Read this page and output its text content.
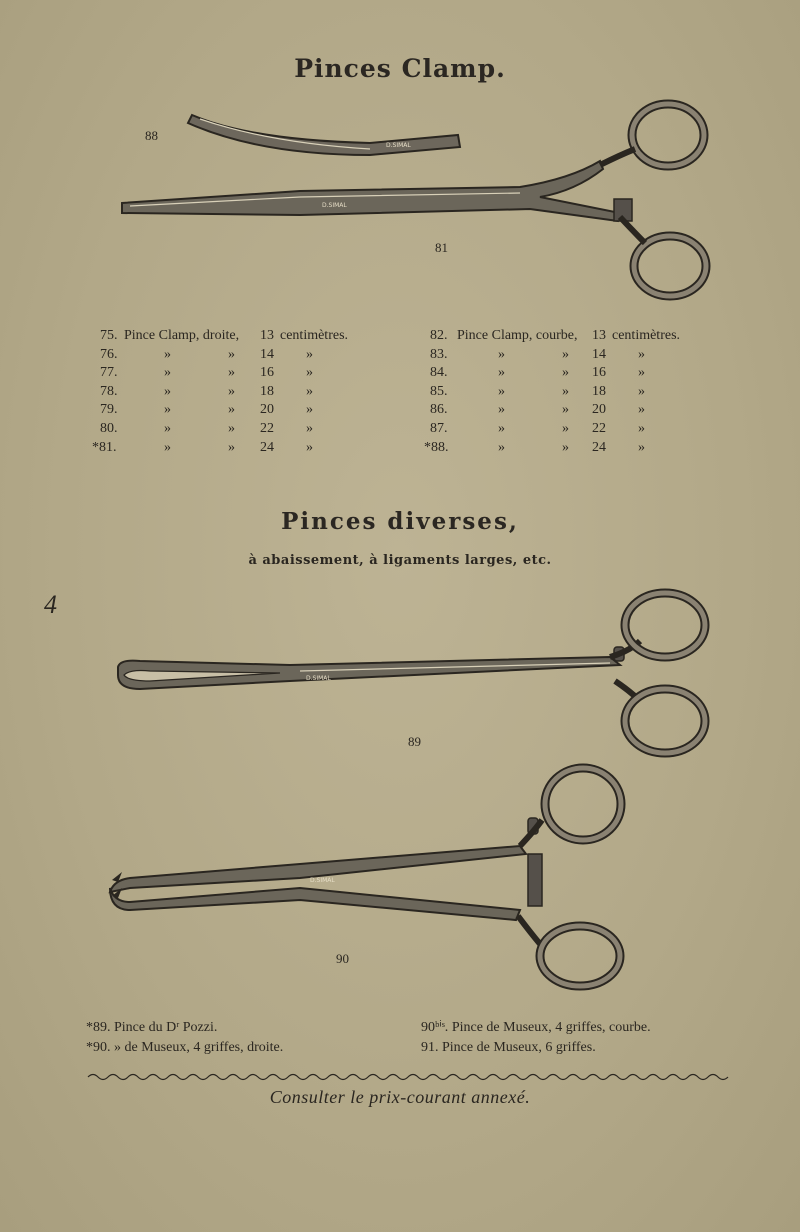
Pinces Clamp.
D.SIMAL
D.SIMAL
88
81
75. Pince Clamp, droite, 13 centimètres.
76.	»	» 14 »
77.	»	» 16 »
78.	»	» 18 »
79.	»	» 20 »
80.	»	» 22 »
*81.	»	» 24 »
82. Pince Clamp, courbe, 13 centimètres.
83.	»	» 14 »
84.	»	» 16 »
85.	»	» 18 »
86.	»	» 20 »
87.	»	» 22 »
*88.	»	» 24 »
Pinces diverses,
à abaissement, à ligaments larges, etc.
4
D.SIMAL
89
D.SIMAL
90
*89. Pince du Dʳ Pozzi.
*90. » de Museux, 4 griffes, droite.
90ᵇⁱˢ. Pince de Museux, 4 griffes, courbe.
91. Pince de Museux, 6 griffes.
Consulter le prix-courant annexé.
